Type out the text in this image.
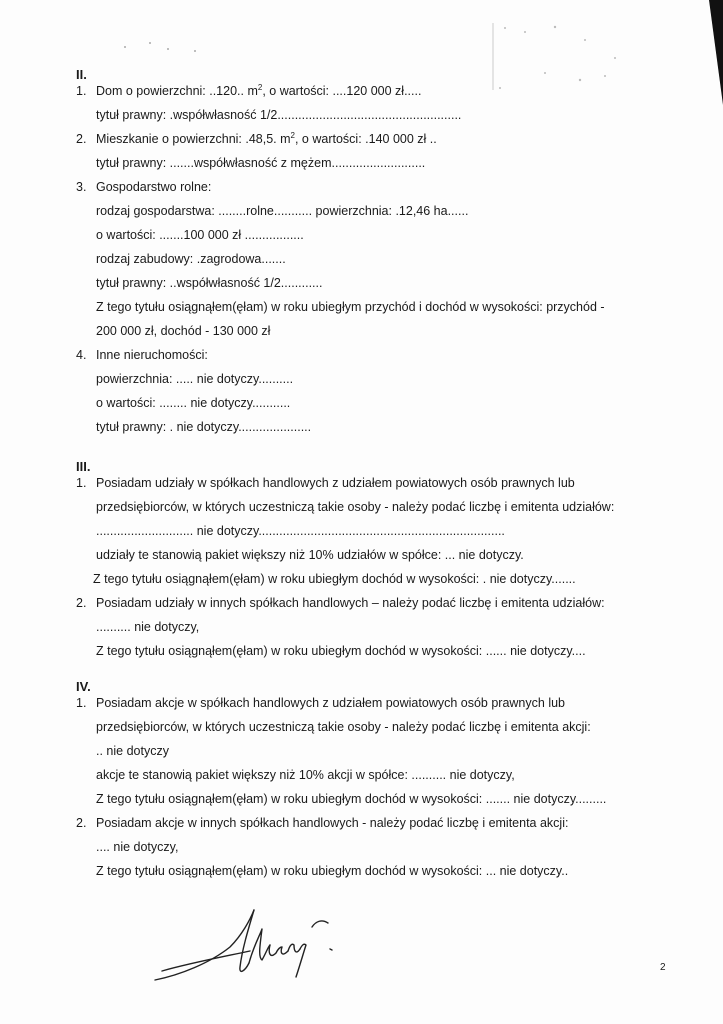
II.
1. Dom o powierzchni: ..120.. $m^2$, o wartości: ....120 000 zł.....
tytuł prawny: .współwłasność 1/2.....................................................
2. Mieszkanie o powierzchni: .48,5. $m^2$, o wartości: .140 000 zł ..
tytuł prawny: .......współwłasność z mężem...........................
3. Gospodarstwo rolne:
rodzaj gospodarstwa: ........rolne........... powierzchnia: .12,46 ha......
o wartości: .......100 000 zł .................
rodzaj zabudowy: .zagrodowa.......
tytuł prawny: ..współwłasność 1/2............
Z tego tytułu osiągnąłem(ęłam) w roku ubiegłym przychód i dochód w wysokości: przychód -
200 000 zł, dochód - 130 000 zł
4. Inne nieruchomości:
powierzchnia: ..... nie dotyczy..........
o wartości: ........ nie dotyczy...........
tytuł prawny: . nie dotyczy.....................
III.
1. Posiadam udziały w spółkach handlowych z udziałem powiatowych osób prawnych lub
przedsiębiorców, w których uczestniczą takie osoby - należy podać liczbę i emitenta udziałów:
............................ nie dotyczy.......................................................................
udziały te stanowią pakiet większy niż 10% udziałów w spółce: ... nie dotyczy.
Z tego tytułu osiągnąłem(ęłam) w roku ubiegłym dochód w wysokości: . nie dotyczy.......
2. Posiadam udziały w innych spółkach handlowych – należy podać liczbę i emitenta udziałów:
.......... nie dotyczy,
Z tego tytułu osiągnąłem(ęłam) w roku ubiegłym dochód w wysokości: ...... nie dotyczy....
IV.
1. Posiadam akcje w spółkach handlowych z udziałem powiatowych osób prawnych lub
przedsiębiorców, w których uczestniczą takie osoby - należy podać liczbę i emitenta akcji:
.. nie dotyczy
akcje te stanowią pakiet większy niż 10% akcji w spółce: .......... nie dotyczy,
Z tego tytułu osiągnąłem(ęłam) w roku ubiegłym dochód w wysokości: ....... nie dotyczy.........
2. Posiadam akcje w innych spółkach handlowych - należy podać liczbę i emitenta akcji:
.... nie dotyczy,
Z tego tytułu osiągnąłem(ęłam) w roku ubiegłym dochód w wysokości: ... nie dotyczy..
2
